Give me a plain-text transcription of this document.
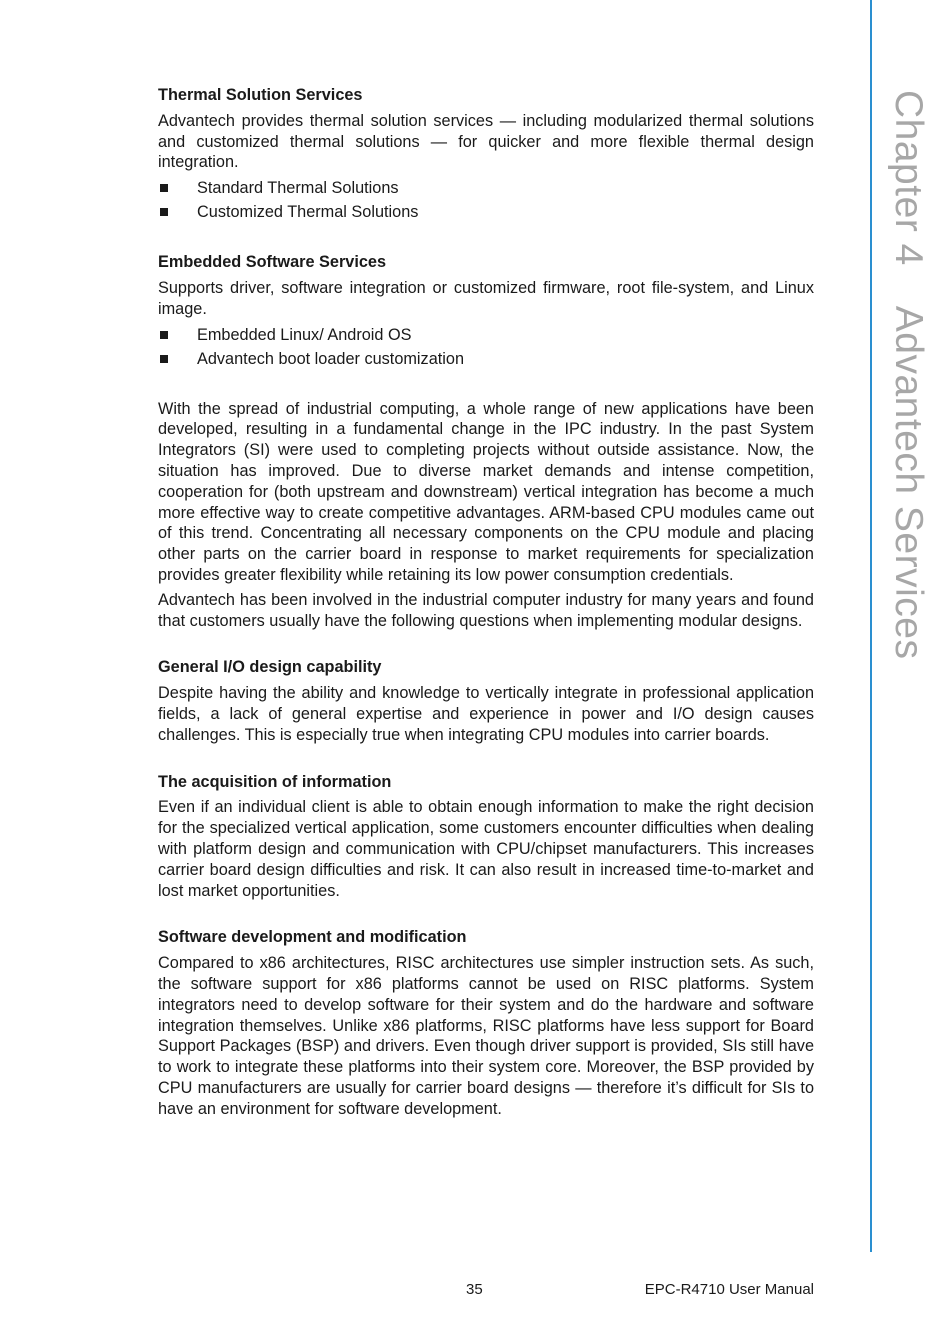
Chapter 4Advantech Services
Thermal Solution Services

Advantech provides thermal solution services — including modularized thermal solutions and customized thermal solutions — for quicker and more flexible thermal design integration.

Standard Thermal Solutions
Customized Thermal Solutions
Embedded Software Services

Supports driver, software integration or customized firmware, root file-system, and Linux image.

Embedded Linux/ Android OS
Advantech boot loader customization

With the spread of industrial computing, a whole range of new applications have been developed, resulting in a fundamental change in the IPC industry. In the past System Integrators (SI) were used to completing projects without outside assistance. Now, the situation has improved. Due to diverse market demands and intense competition, cooperation for (both upstream and downstream) vertical integration has become a much more effective way to create competitive advantages. ARM-based CPU modules came out of this trend. Concentrating all necessary components on the CPU module and placing other parts on the carrier board in response to market requirements for specialization provides greater flexibility while retaining its low power consumption credentials.

Advantech has been involved in the industrial computer industry for many years and found that customers usually have the following questions when implementing modular designs.

General I/O design capability

Despite having the ability and knowledge to vertically integrate in professional application fields, a lack of general expertise and experience in power and I/O design causes challenges. This is especially true when integrating CPU modules into carrier boards.

The acquisition of information

Even if an individual client is able to obtain enough information to make the right decision for the specialized vertical application, some customers encounter difficulties when dealing with platform design and communication with CPU/chipset manufacturers. This increases carrier board design difficulties and risk. It can also result in increased time-to-market and lost market opportunities.

Software development and modification

Compared to x86 architectures, RISC architectures use simpler instruction sets. As such, the software support for x86 platforms cannot be used on RISC platforms. System integrators need to develop software for their system and do the hardware and software integration themselves. Unlike x86 platforms, RISC platforms have less support for Board Support Packages (BSP) and drivers. Even though driver support is provided, SIs still have to work to integrate these platforms into their system core. Moreover, the BSP provided by CPU manufacturers are usually for carrier board designs — therefore it’s difficult for SIs to have an environment for software development.

35	EPC-R4710 User Manual
